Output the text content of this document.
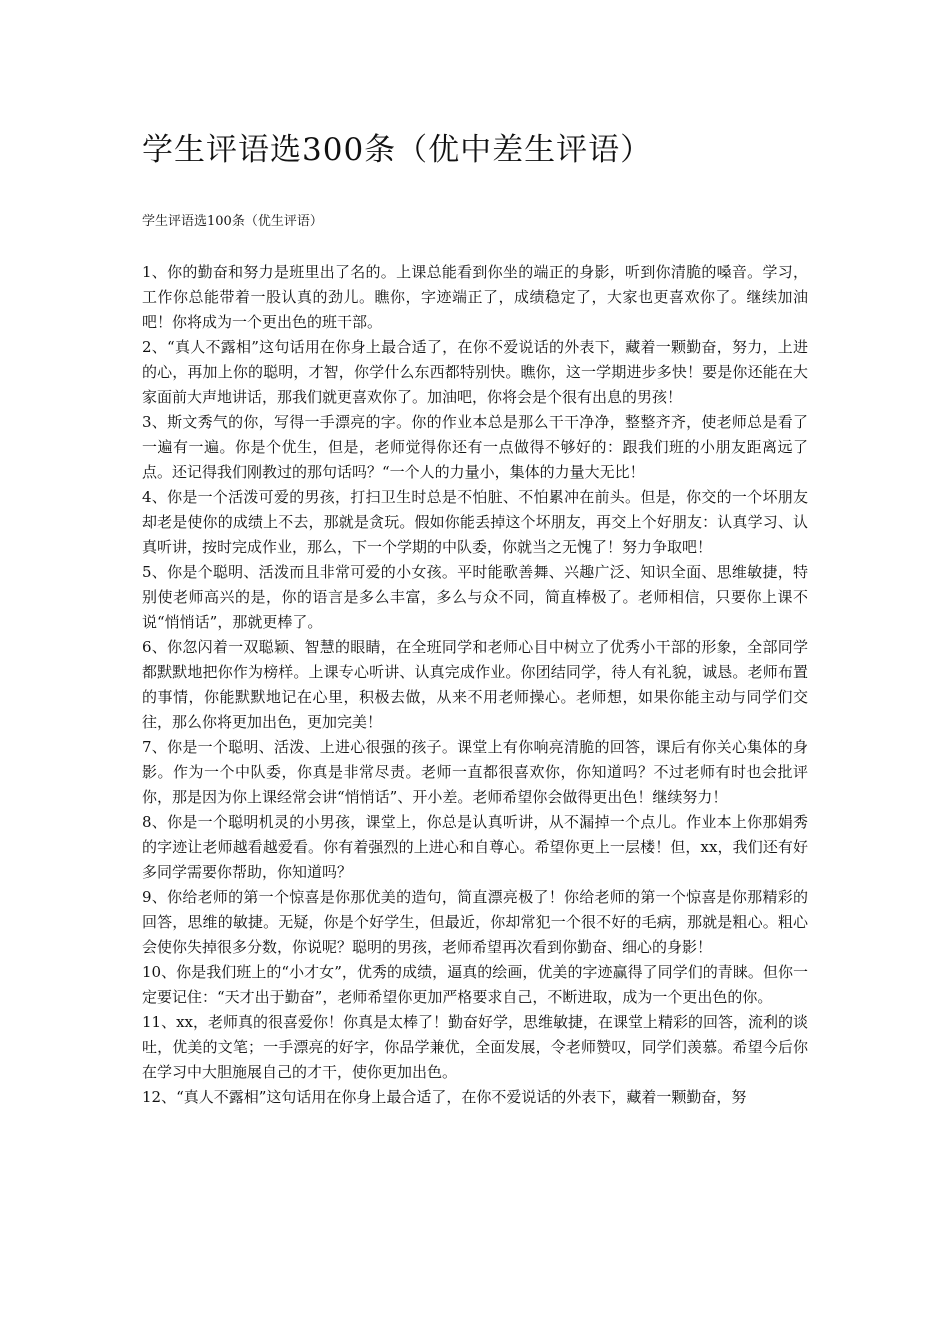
学生评语选300条（优中差生评语）
学生评语选100条（优生评语）

1、你的勤奋和努力是班里出了名的。上课总能看到你坐的端正的身影，听到你清脆的嗓音。学习，工作你总能带着一股认真的劲儿。瞧你，字迹端正了，成绩稳定了，大家也更喜欢你了。继续加油吧！你将成为一个更出色的班干部。

2、“真人不露相”这句话用在你身上最合适了，在你不爱说话的外表下，藏着一颗勤奋，努力，上进的心，再加上你的聪明，才智，你学什么东西都特别快。瞧你，这一学期进步多快！要是你还能在大家面前大声地讲话，那我们就更喜欢你了。加油吧，你将会是个很有出息的男孩！

3、斯文秀气的你，写得一手漂亮的字。你的作业本总是那么干干净净，整整齐齐，使老师总是看了一遍有一遍。你是个优生，但是，老师觉得你还有一点做得不够好的：跟我们班的小朋友距离远了点。还记得我们刚教过的那句话吗？“一个人的力量小，集体的力量大无比！

4、你是一个活泼可爱的男孩，打扫卫生时总是不怕脏、不怕累冲在前头。但是，你交的一个坏朋友却老是使你的成绩上不去，那就是贪玩。假如你能丢掉这个坏朋友，再交上个好朋友：认真学习、认真听讲，按时完成作业，那么，下一个学期的中队委，你就当之无愧了！努力争取吧！

5、你是个聪明、活泼而且非常可爱的小女孩。平时能歌善舞、兴趣广泛、知识全面、思维敏捷，特别使老师高兴的是，你的语言是多么丰富，多么与众不同，简直棒极了。老师相信，只要你上课不说“悄悄话”，那就更棒了。

6、你忽闪着一双聪颖、智慧的眼睛，在全班同学和老师心目中树立了优秀小干部的形象，全部同学都默默地把你作为榜样。上课专心听讲、认真完成作业。你团结同学，待人有礼貌，诚恳。老师布置的事情，你能默默地记在心里，积极去做，从来不用老师操心。老师想，如果你能主动与同学们交往，那么你将更加出色，更加完美！

7、你是一个聪明、活泼、上进心很强的孩子。课堂上有你响亮清脆的回答，课后有你关心集体的身影。作为一个中队委，你真是非常尽责。老师一直都很喜欢你，你知道吗？不过老师有时也会批评你，那是因为你上课经常会讲“悄悄话”、开小差。老师希望你会做得更出色！继续努力！

8、你是一个聪明机灵的小男孩，课堂上，你总是认真听讲，从不漏掉一个点儿。作业本上你那娟秀的字迹让老师越看越爱看。你有着强烈的上进心和自尊心。希望你更上一层楼！但，xx，我们还有好多同学需要你帮助，你知道吗？

9、你给老师的第一个惊喜是你那优美的造句，简直漂亮极了！你给老师的第一个惊喜是你那精彩的回答，思维的敏捷。无疑，你是个好学生，但最近，你却常犯一个很不好的毛病，那就是粗心。粗心会使你失掉很多分数，你说呢？聪明的男孩，老师希望再次看到你勤奋、细心的身影！

10、你是我们班上的“小才女”，优秀的成绩，逼真的绘画，优美的字迹赢得了同学们的青睐。但你一定要记住：“天才出于勤奋”，老师希望你更加严格要求自己，不断进取，成为一个更出色的你。

11、xx，老师真的很喜爱你！你真是太棒了！勤奋好学，思维敏捷，在课堂上精彩的回答，流利的谈吐，优美的文笔；一手漂亮的好字，你品学兼优，全面发展，令老师赞叹，同学们羡慕。希望今后你在学习中大胆施展自己的才干，使你更加出色。

12、“真人不露相”这句话用在你身上最合适了，在你不爱说话的外表下，藏着一颗勤奋，努
